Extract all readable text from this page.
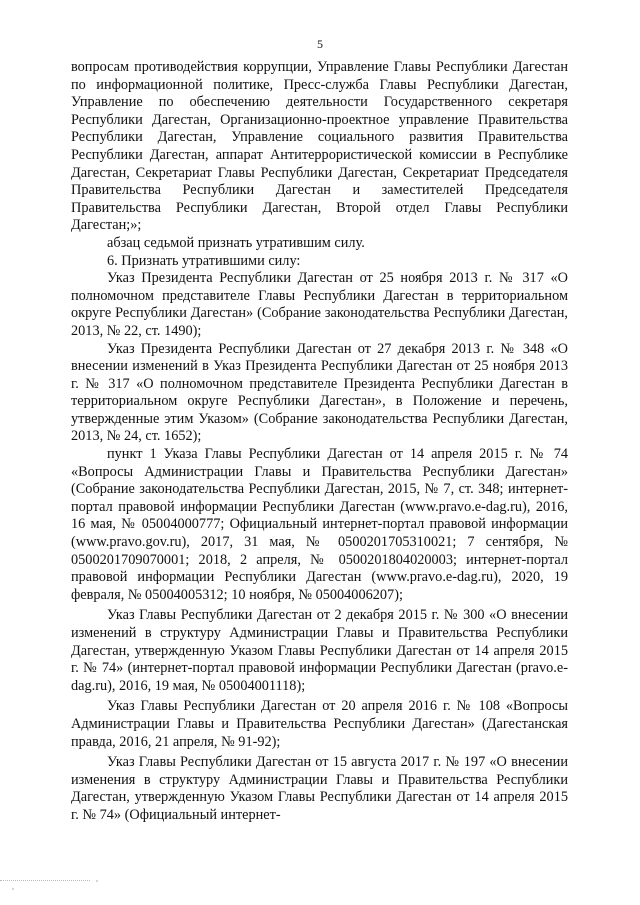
5

вопросам противодействия коррупции, Управление Главы Республики Дагестан по информационной политике, Пресс-служба Главы Республики Дагестан, Управление по обеспечению деятельности Государственного секретаря Республики Дагестан, Организационно-проектное управление Правительства Республики Дагестан, Управление социального развития Правительства Республики Дагестан, аппарат Антитеррористической комиссии в Республике Дагестан, Секретариат Главы Республики Дагестан, Секретариат Председателя Правительства Республики Дагестан и заместителей Председателя Правительства Республики Дагестан, Второй отдел Главы Республики Дагестан;»;

абзац седьмой признать утратившим силу.

6. Признать утратившими силу:

Указ Президента Республики Дагестан от 25 ноября 2013 г. № 317 «О полномочном представителе Главы Республики Дагестан в территориальном округе Республики Дагестан» (Собрание законодательства Республики Дагестан, 2013, № 22, ст. 1490);

Указ Президента Республики Дагестан от 27 декабря 2013 г. № 348 «О внесении изменений в Указ Президента Республики Дагестан от 25 ноября 2013 г. № 317 «О полномочном представителе Президента Республики Дагестан в территориальном округе Республики Дагестан», в Положение и перечень, утвержденные этим Указом» (Собрание законодательства Республики Дагестан, 2013, № 24, ст. 1652);

пункт 1 Указа Главы Республики Дагестан от 14 апреля 2015 г. № 74 «Вопросы Администрации Главы и Правительства Республики Дагестан» (Собрание законодательства Республики Дагестан, 2015, № 7, ст. 348; интернет-портал правовой информации Республики Дагестан (www.pravo.e-dag.ru), 2016, 16 мая, № 05004000777; Официальный интернет-портал правовой информации (www.pravo.gov.ru), 2017, 31 мая, № 0500201705310021; 7 сентября, № 0500201709070001; 2018, 2 апреля, № 0500201804020003; интернет-портал правовой информации Республики Дагестан (www.pravo.e-dag.ru), 2020, 19 февраля, № 05004005312; 10 ноября, № 05004006207);

Указ Главы Республики Дагестан от 2 декабря 2015 г. № 300 «О внесении изменений в структуру Администрации Главы и Правительства Республики Дагестан, утвержденную Указом Главы Республики Дагестан от 14 апреля 2015 г. № 74» (интернет-портал правовой информации Республики Дагестан (pravo.e-dag.ru), 2016, 19 мая, № 05004001118);

Указ Главы Республики Дагестан от 20 апреля 2016 г. № 108 «Вопросы Администрации Главы и Правительства Республики Дагестан» (Дагестанская правда, 2016, 21 апреля, № 91-92);

Указ Главы Республики Дагестан от 15 августа 2017 г. № 197 «О внесении изменения в структуру Администрации Главы и Правительства Республики Дагестан, утвержденную Указом Главы Республики Дагестан от 14 апреля 2015 г. № 74» (Официальный интернет-
